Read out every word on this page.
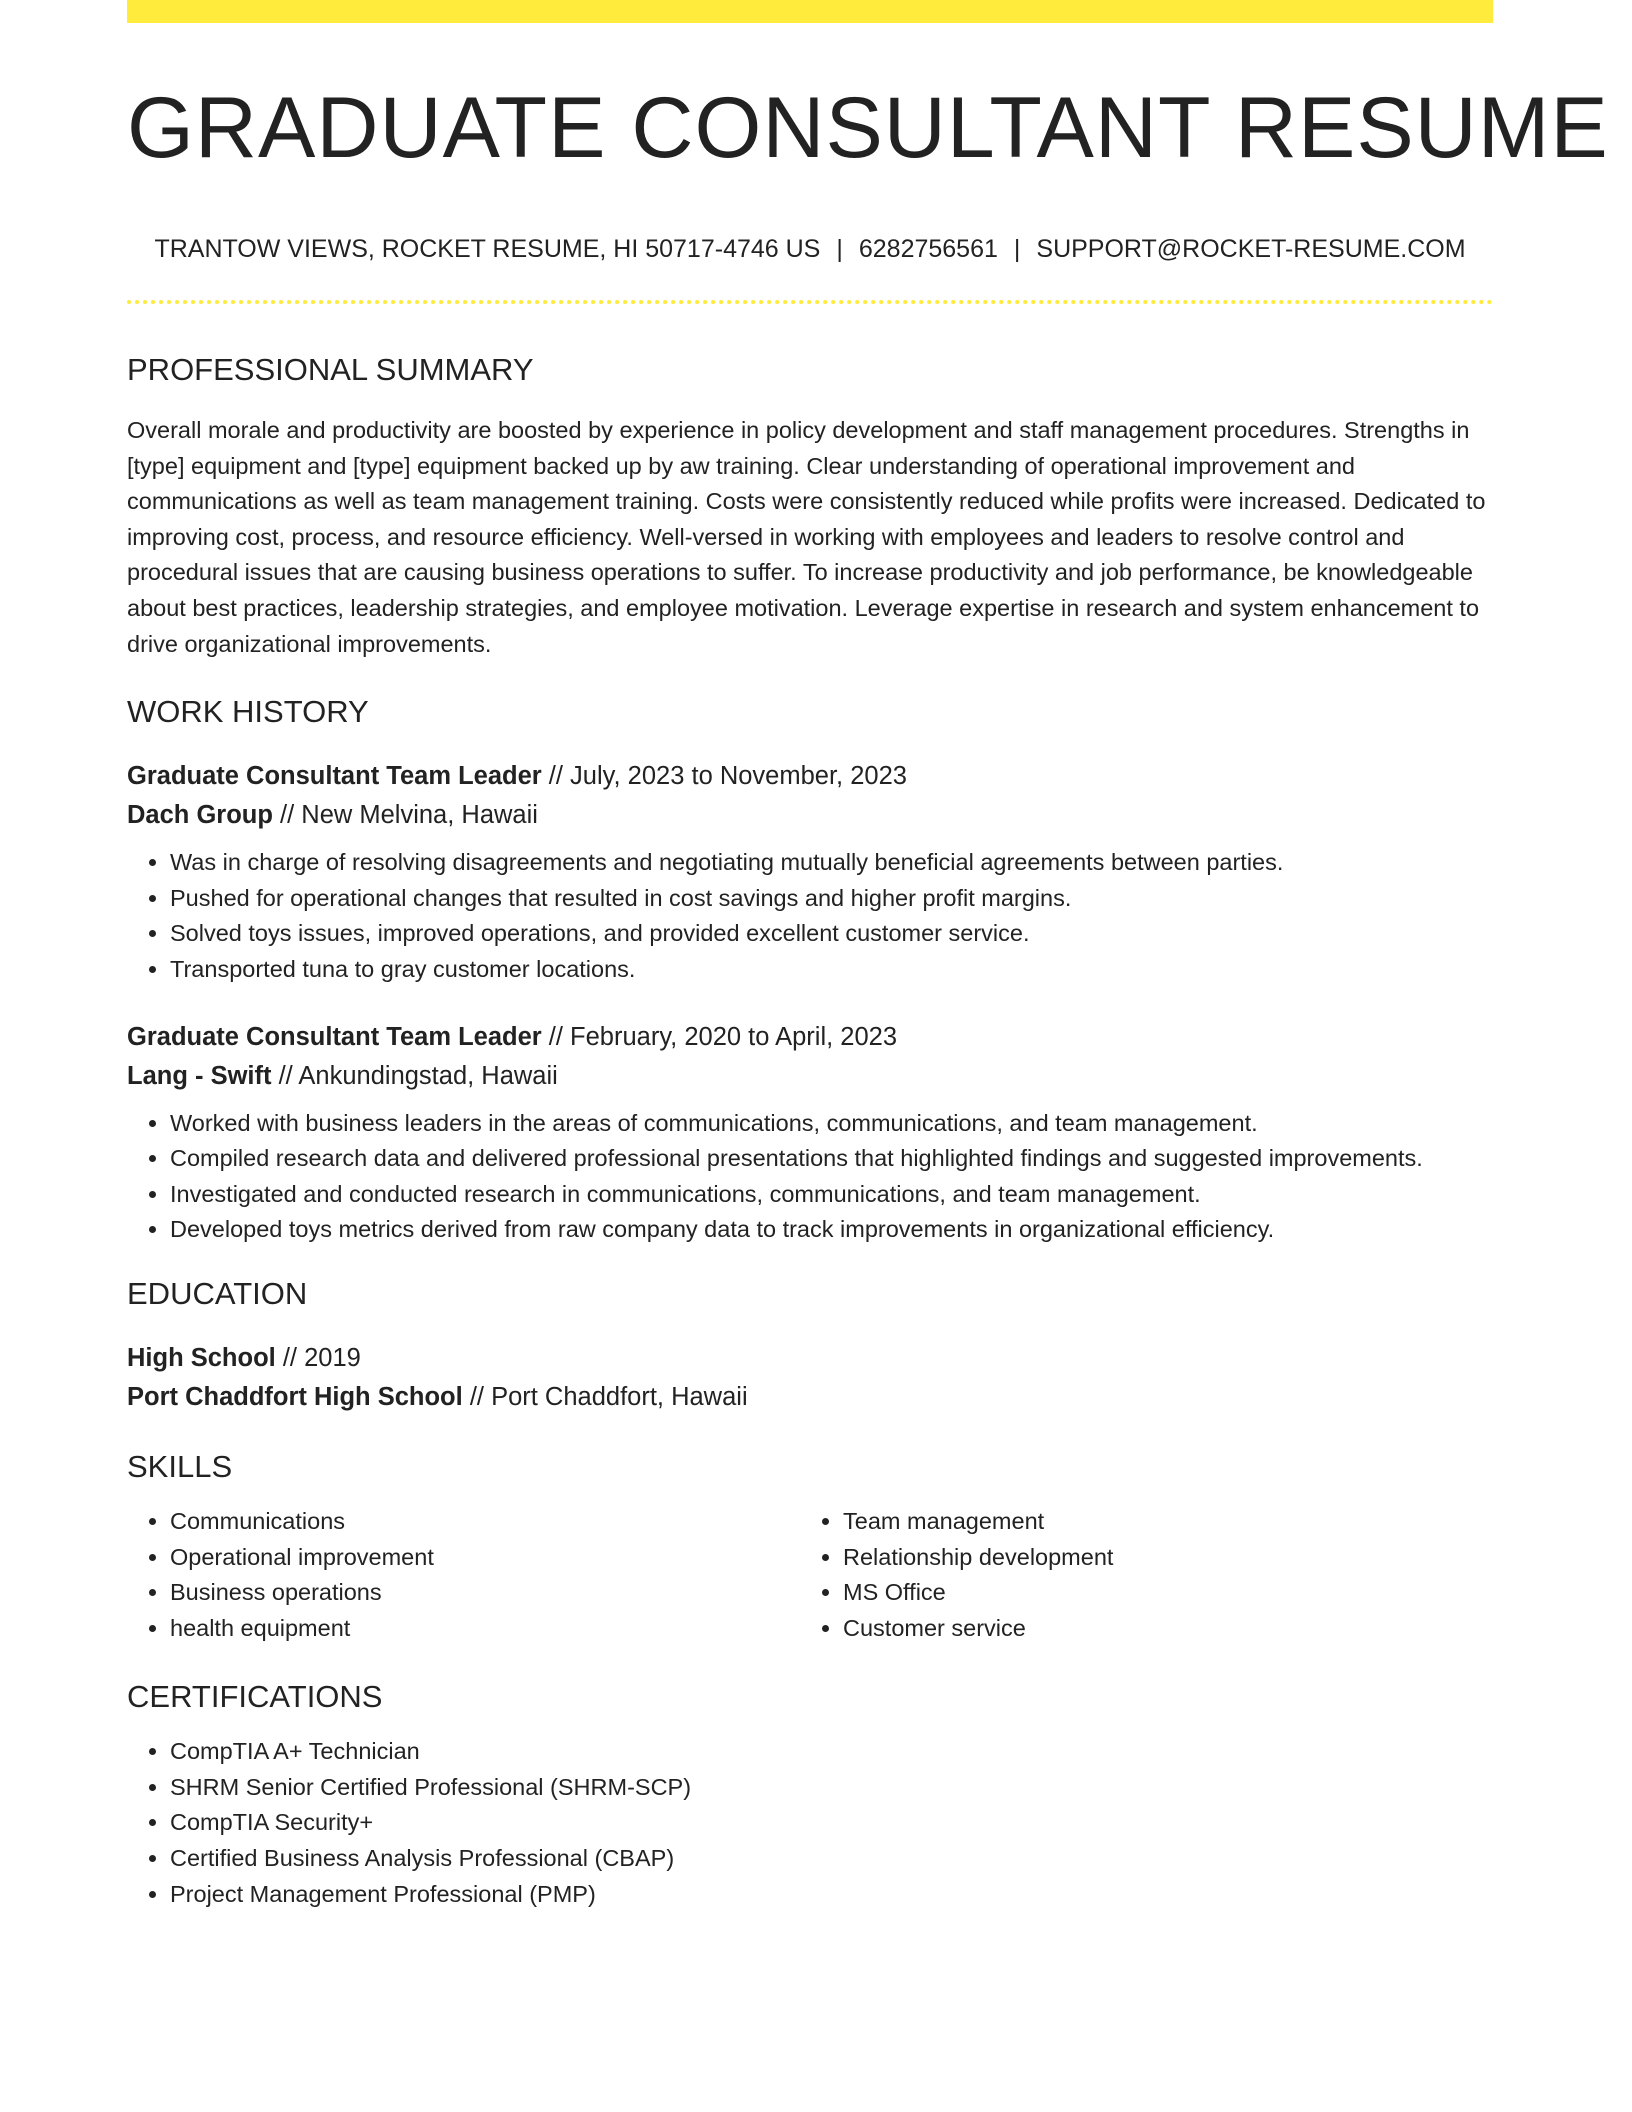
GRADUATE CONSULTANT RESUME
TRANTOW VIEWS, ROCKET RESUME, HI 50717-4746 US | 6282756561 | SUPPORT@ROCKET-RESUME.COM
PROFESSIONAL SUMMARY
Overall morale and productivity are boosted by experience in policy development and staff management procedures. Strengths in [type] equipment and [type] equipment backed up by aw training. Clear understanding of operational improvement and communications as well as team management training. Costs were consistently reduced while profits were increased. Dedicated to improving cost, process, and resource efficiency. Well-versed in working with employees and leaders to resolve control and procedural issues that are causing business operations to suffer. To increase productivity and job performance, be knowledgeable about best practices, leadership strategies, and employee motivation. Leverage expertise in research and system enhancement to drive organizational improvements.
WORK HISTORY
Graduate Consultant Team Leader // July, 2023 to November, 2023
Dach Group // New Melvina, Hawaii
• Was in charge of resolving disagreements and negotiating mutually beneficial agreements between parties.
• Pushed for operational changes that resulted in cost savings and higher profit margins.
• Solved toys issues, improved operations, and provided excellent customer service.
• Transported tuna to gray customer locations.
Graduate Consultant Team Leader // February, 2020 to April, 2023
Lang - Swift // Ankundingstad, Hawaii
• Worked with business leaders in the areas of communications, communications, and team management.
• Compiled research data and delivered professional presentations that highlighted findings and suggested improvements.
• Investigated and conducted research in communications, communications, and team management.
• Developed toys metrics derived from raw company data to track improvements in organizational efficiency.
EDUCATION
High School // 2019
Port Chaddfort High School // Port Chaddfort, Hawaii
SKILLS
• Communications
• Operational improvement
• Business operations
• health equipment
• Team management
• Relationship development
• MS Office
• Customer service
CERTIFICATIONS
• CompTIA A+ Technician
• SHRM Senior Certified Professional (SHRM-SCP)
• CompTIA Security+
• Certified Business Analysis Professional (CBAP)
• Project Management Professional (PMP)
